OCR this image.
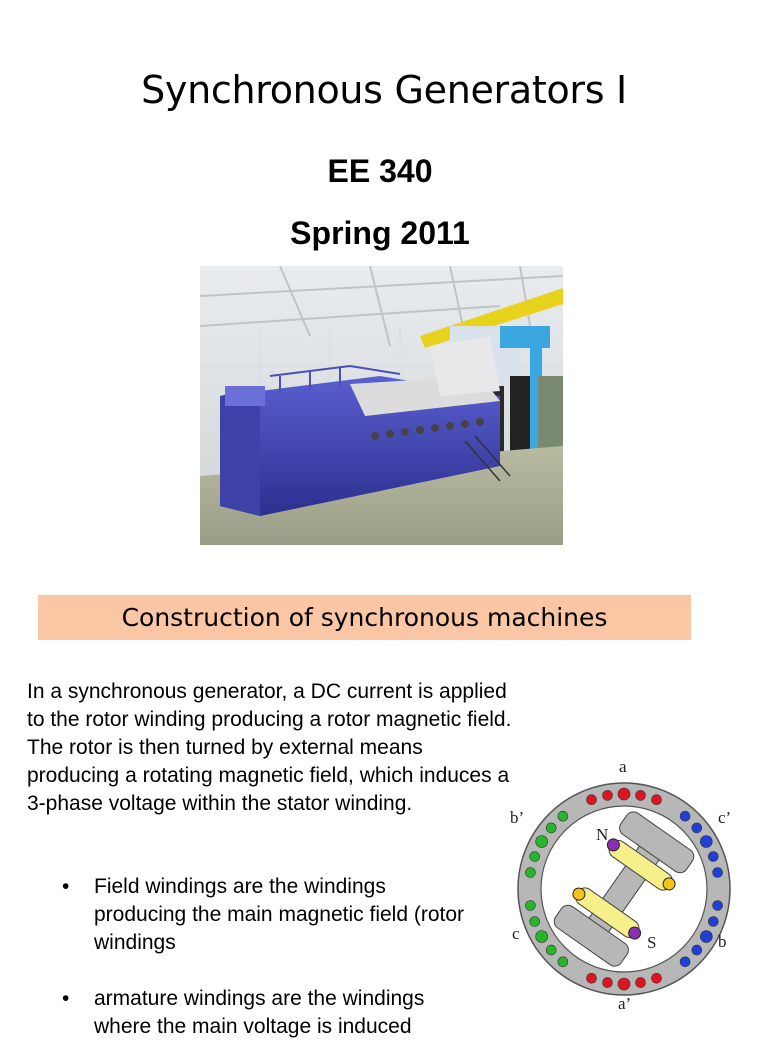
Synchronous Generators I
EE 340
Spring 2011
Construction of synchronous machines
In a synchronous generator, a DC current is applied to the rotor winding producing a rotor magnetic field. The rotor is then turned by external means producing a rotating magnetic field, which induces a 3-phase voltage within the stator winding.
• Field windings are the windings producing the main magnetic field (rotor windings
• armature windings are the windings where the main voltage is induced
N
S
a
a’
b’	c’
c	b
